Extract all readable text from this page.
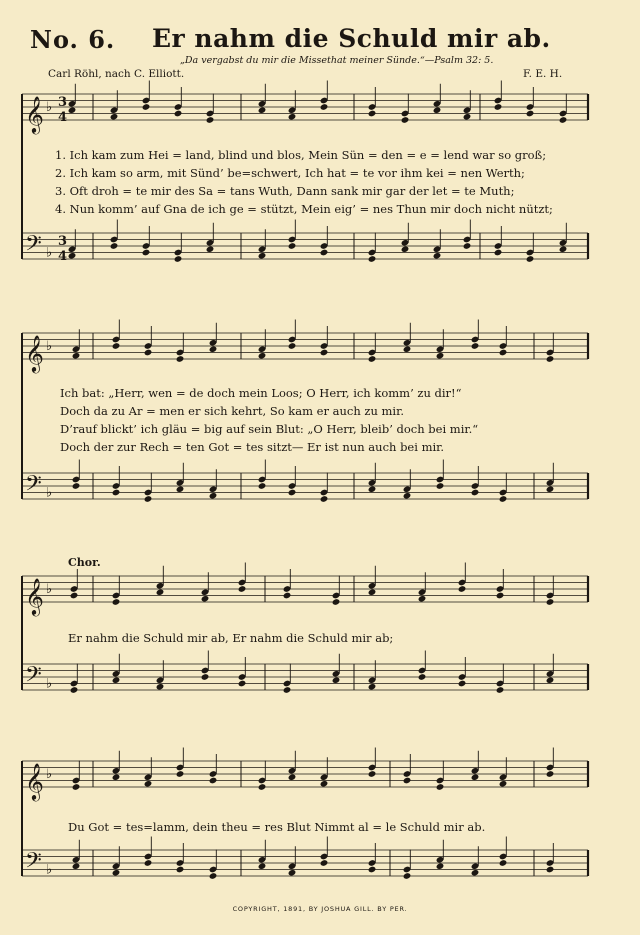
No. 6. Er nahm die Schuld mir ab.
„Da vergabst du mir die Missethat meiner Sünde.“—Psalm 32: 5.
Carl Röhl, nach C. Elliott.	F. E. H.
𝄞 ♭ 3
4
𝄢 ♭
3
4
𝄞 ♭
𝄢 ♭
𝄞 ♭
𝄢 ♭
𝄞 ♭
𝄢 ♭
1. Ich kam zum Hei = land, blind und blos, Mein Sün = den = e = lend war so groß;
2. Ich kam so arm, mit Sünd’ be=schwert, Ich hat = te vor ihm kei = nen Werth;
3. Oft droh = te mir des Sa = tans Wuth, Dann sank mir gar der let = te Muth;
4. Nun komm’ auf Gna de ich ge = stützt, Mein eig’ = nes Thun mir doch nicht nützt;
Ich bat: „Herr, wen = de doch mein Loos; O Herr, ich komm’ zu dir!“
Doch da zu Ar = men er sich kehrt, So kam er auch zu mir.
D’rauf blickt’ ich gläu = big auf sein Blut: „O Herr, bleib’ doch bei mir.“
Doch der zur Rech = ten Got = tes sitzt— Er ist nun auch bei mir.
Chor.
Er nahm die Schuld mir ab, Er nahm die Schuld mir ab;
Du Got = tes=lamm, dein theu = res Blut Nimmt al = le Schuld mir ab.
COPYRIGHT, 1891, BY JOSHUA GILL. BY PER.
